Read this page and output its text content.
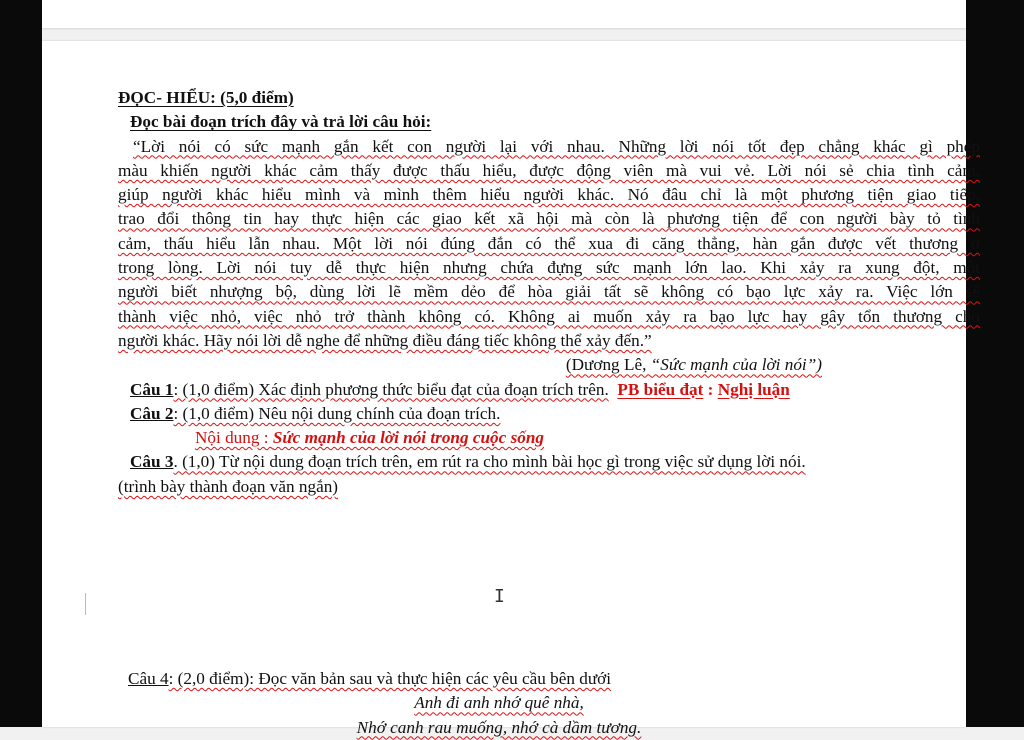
ĐỌC- HIỂU: (5,0 điểm)
Đọc bài đoạn trích đây và trả lời câu hỏi:
“Lời nói có sức mạnh gắn kết con người lại với nhau. Những lời nói tốt đẹp chẳng khác gì phép
màu khiến người khác cảm thấy được thấu hiểu, được động viên mà vui vẻ. Lời nói sẻ chia tình cảm,
giúp người khác hiểu mình và mình thêm hiểu người khác. Nó đâu chỉ là một phương tiện giao tiếp,
trao đổi thông tin hay thực hiện các giao kết xã hội mà còn là phương tiện để con người bày tỏ tình
cảm, thấu hiểu lẫn nhau. Một lời nói đúng đắn có thể xua đi căng thẳng, hàn gắn được vết thương ở
trong lòng. Lời nói tuy dễ thực hiện nhưng chứa đựng sức mạnh lớn lao. Khi xảy ra xung đột, một
người biết nhượng bộ, dùng lời lẽ mềm dẻo để hòa giải tất sẽ không có bạo lực xảy ra. Việc lớn sẽ
thành việc nhỏ, việc nhỏ trở thành không có. Không ai muốn xảy ra bạo lực hay gây tổn thương cho
người khác. Hãy nói lời dễ nghe để những điều đáng tiếc không thể xảy đến.”
(Dương Lê, “Sức mạnh của lời nói”)
Câu 1: (1,0 điểm) Xác định phương thức biểu đạt của đoạn trích trên. PB biểu đạt : Nghị luận
Câu 2: (1,0 điểm) Nêu nội dung chính của đoạn trích.
Nội dung : Sức mạnh của lời nói trong cuộc sống
Câu 3. (1,0) Từ nội dung đoạn trích trên, em rút ra cho mình bài học gì trong việc sử dụng lời nói.
(trình bày thành đoạn văn ngắn)
I
Câu 4: (2,0 điểm): Đọc văn bản sau và thực hiện các yêu cầu bên dưới
Anh đi anh nhớ quê nhà,
Nhớ canh rau muống, nhớ cà dầm tương.
